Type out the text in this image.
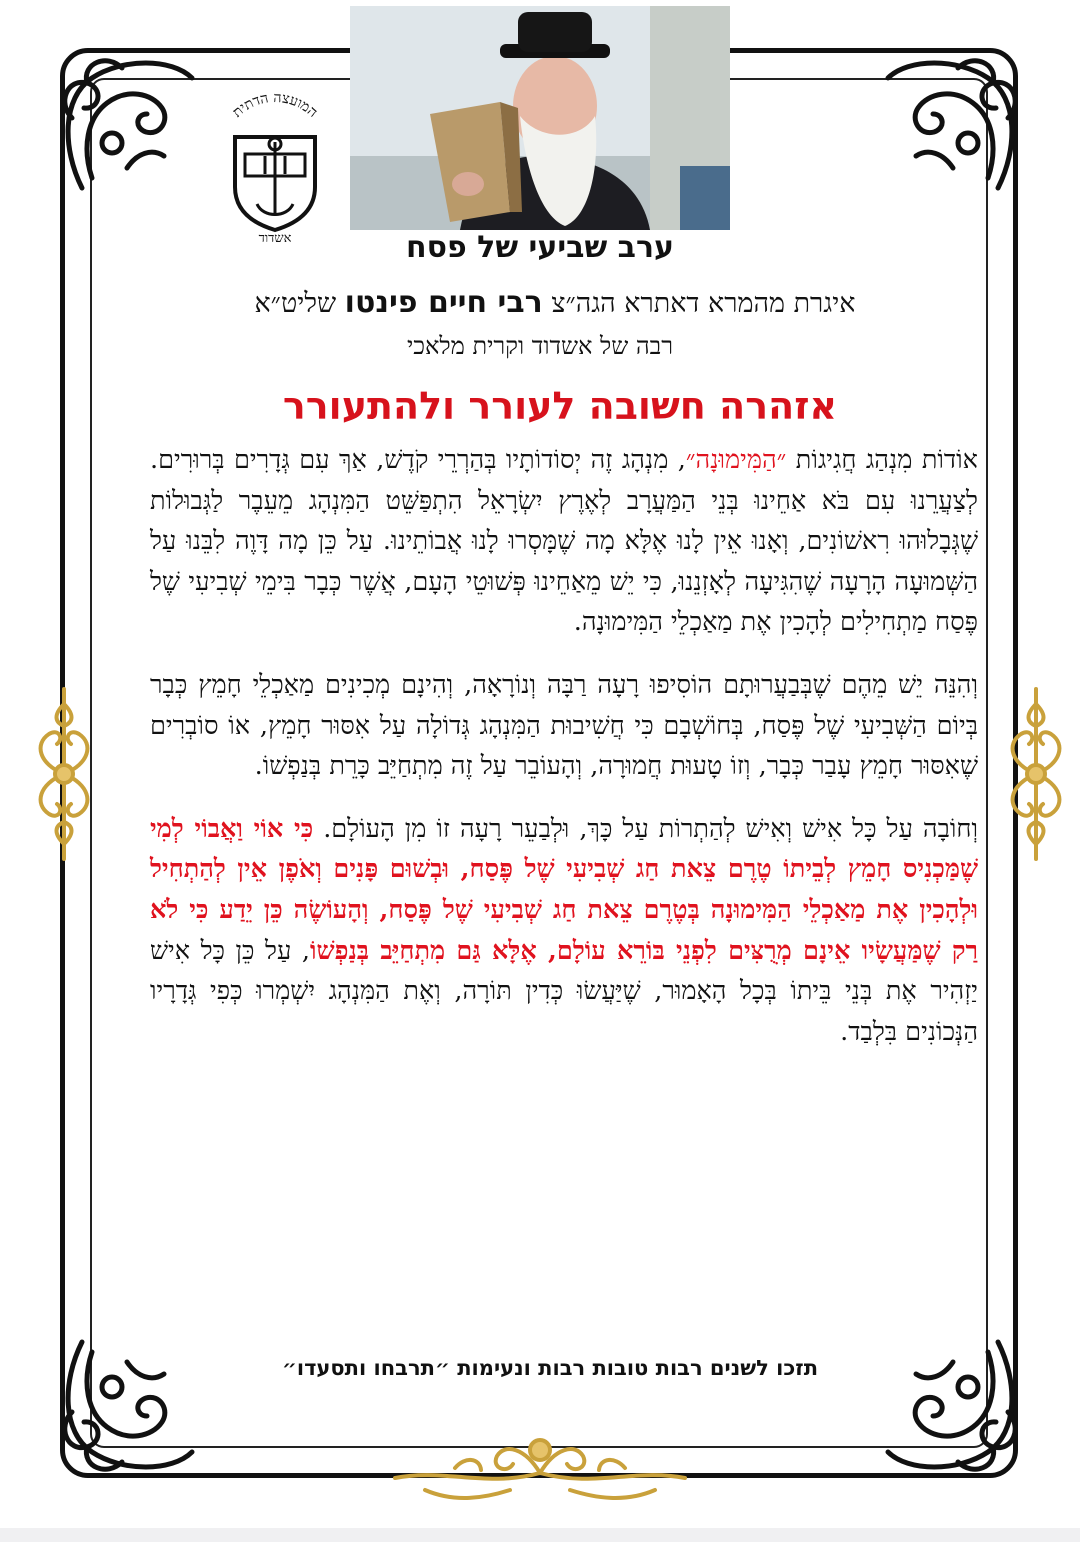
המועצה הדתית
אשדוד	ערב שביעי של פסח
איגרת מהמרא דאתרא הגה״צ רבי חיים פינטו שליט״א
רבה של אשדוד וקרית מלאכי
אזהרה חשובה לעורר ולהתעורר

אוֹדוֹת מִנְהַג חֲגִיגוֹת ״הַמִּימוּנָה״, מִנְהָג זֶה יְסוֹדוֹתָיו בְּהַרְרֵי קֹדֶשׁ, אַךְ עִם גְּדָרִים בְּרוּרִים. לְצַעֲרֵנוּ עִם בֹּא אַחֵינוּ בְּנֵי הַמַּעֲרָב לְאֶרֶץ יִשְׂרָאֵל הִתְפַּשֵּׁט הַמִּנְהָג מֵעֵבֶר לַגְּבוּלוֹת שֶׁגְּבָלוּהוּ רִאשׁוֹנִים, וְאָנוּ אֵין לָנוּ אֶלָּא מָה שֶׁמָּסְרוּ לָנוּ אֲבוֹתֵינוּ. עַל כֵּן מָה דָּוֶה לִבֵּנוּ עַל הַשְּׁמוּעָה הָרָעָה שֶׁהִגִּיעָה לְאָזְנֵנוּ, כִּי יֵשׁ מֵאַחֵינוּ פְּשׁוּטֵי הָעָם, אֲשֶׁר כְּבָר בִּימֵי שְׁבִיעִי שֶׁל פֶּסַח מַתְחִילִים לְהָכִין אֶת מַאַכְלֵי הַמִּימוּנָה.

וְהִנֵּה יֵשׁ מֵהֶם שֶׁבְּבַעֲרוּתָם הוֹסִיפוּ רָעָה רַבָּה וְנוֹרָאָה, וְהִינָם מְכִינִים מַאַכְלֵי חָמֵץ כְּבָר בְּיוֹם הַשְּׁבִיעִי שֶׁל פֶּסַח, בְּחוֹשְׁבָם כִּי חֲשִׁיבוּת הַמִּנְהָג גְּדוֹלָה עַל אִסּוּר חָמֵץ, אוֹ סוֹבְרִים שֶׁאִסּוּר חָמֵץ עָבַר כְּבָר, וְזוֹ טָעוּת חֲמוּרָה, וְהָעוֹבֵר עַל זֶה מִתְחַיֵּב כָּרֵת בְּנַפְשׁוֹ.

וְחוֹבָה עַל כָּל אִישׁ וְאִישׁ לְהַתְרוֹת עַל כָּךְ, וּלְבַעֵר רָעָה זוֹ מִן הָעוֹלָם. כִּי אוֹי וַאֲבוֹי לְמִי שֶׁמַּכְנִיס חָמֵץ לְבֵיתוֹ טֶרֶם צֵאת חַג שְׁבִיעִי שֶׁל פֶּסַח, וּבְשׁוּם פָּנִים וְאֹפֶן אֵין לְהַתְחִיל וּלְהָכִין אֶת מַאַכְלֵי הַמִּימוּנָה בְּטֶרֶם צֵאת חַג שְׁבִיעִי שֶׁל פֶּסַח, וְהָעוֹשֶׂה כֵּן יֵדַע כִּי לֹא רַק שֶׁמַּעֲשָׂיו אֵינָם מְרֻצִּים לִפְנֵי בּוֹרֵא עוֹלָם, אֶלָּא גַּם מִתְחַיֵּב בְּנַפְשׁוֹ, עַל כֵּן כָּל אִישׁ יַזְהִיר אֶת בְּנֵי בֵּיתוֹ בְּכָל הָאָמוּר, שֶׁיַּעֲשׂוּ כְּדִין תּוֹרָה, וְאֶת הַמִּנְהָג יִשְׁמְרוּ כְּפִי גְּדָרָיו הַנְּכוֹנִים בִּלְבַד.

תזכו לשנים רבות טובות רבות ונעימות ״תרבחו ותסעדו״
